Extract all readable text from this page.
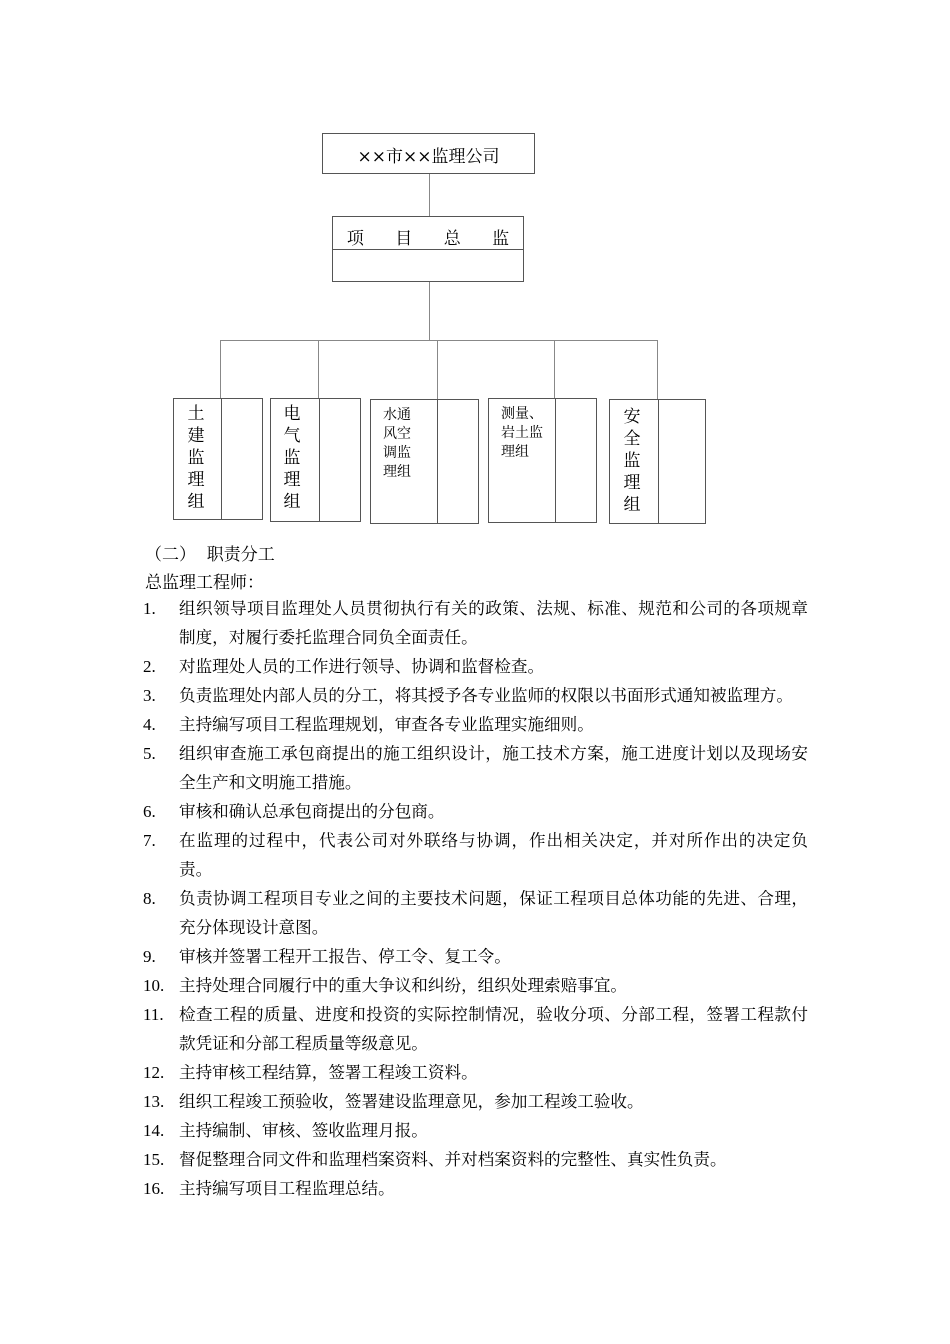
××市××监理公司
项 目 总 监
土建监理组
电气监理组
水通风空调监理组
测量、岩土监理组
安全监理组
（二）  职责分工
总监理工程师：
1. 组织领导项目监理处人员贯彻执行有关的政策、法规、标准、规范和公司的各项规章制度，对履行委托监理合同负全面责任。
2. 对监理处人员的工作进行领导、协调和监督检查。
3. 负责监理处内部人员的分工，将其授予各专业监师的权限以书面形式通知被监理方。
4. 主持编写项目工程监理规划，审查各专业监理实施细则。
5. 组织审查施工承包商提出的施工组织设计，施工技术方案，施工进度计划以及现场安全生产和文明施工措施。
6. 审核和确认总承包商提出的分包商。
7. 在监理的过程中，代表公司对外联络与协调，作出相关决定，并对所作出的决定负责。
8. 负责协调工程项目专业之间的主要技术问题，保证工程项目总体功能的先进、合理，充分体现设计意图。
9. 审核并签署工程开工报告、停工令、复工令。
10. 主持处理合同履行中的重大争议和纠纷，组织处理索赔事宜。
11. 检查工程的质量、进度和投资的实际控制情况，验收分项、分部工程，签署工程款付款凭证和分部工程质量等级意见。
12. 主持审核工程结算，签署工程竣工资料。
13. 组织工程竣工预验收，签署建设监理意见，参加工程竣工验收。
14. 主持编制、审核、签收监理月报。
15. 督促整理合同文件和监理档案资料、并对档案资料的完整性、真实性负责。
16. 主持编写项目工程监理总结。
